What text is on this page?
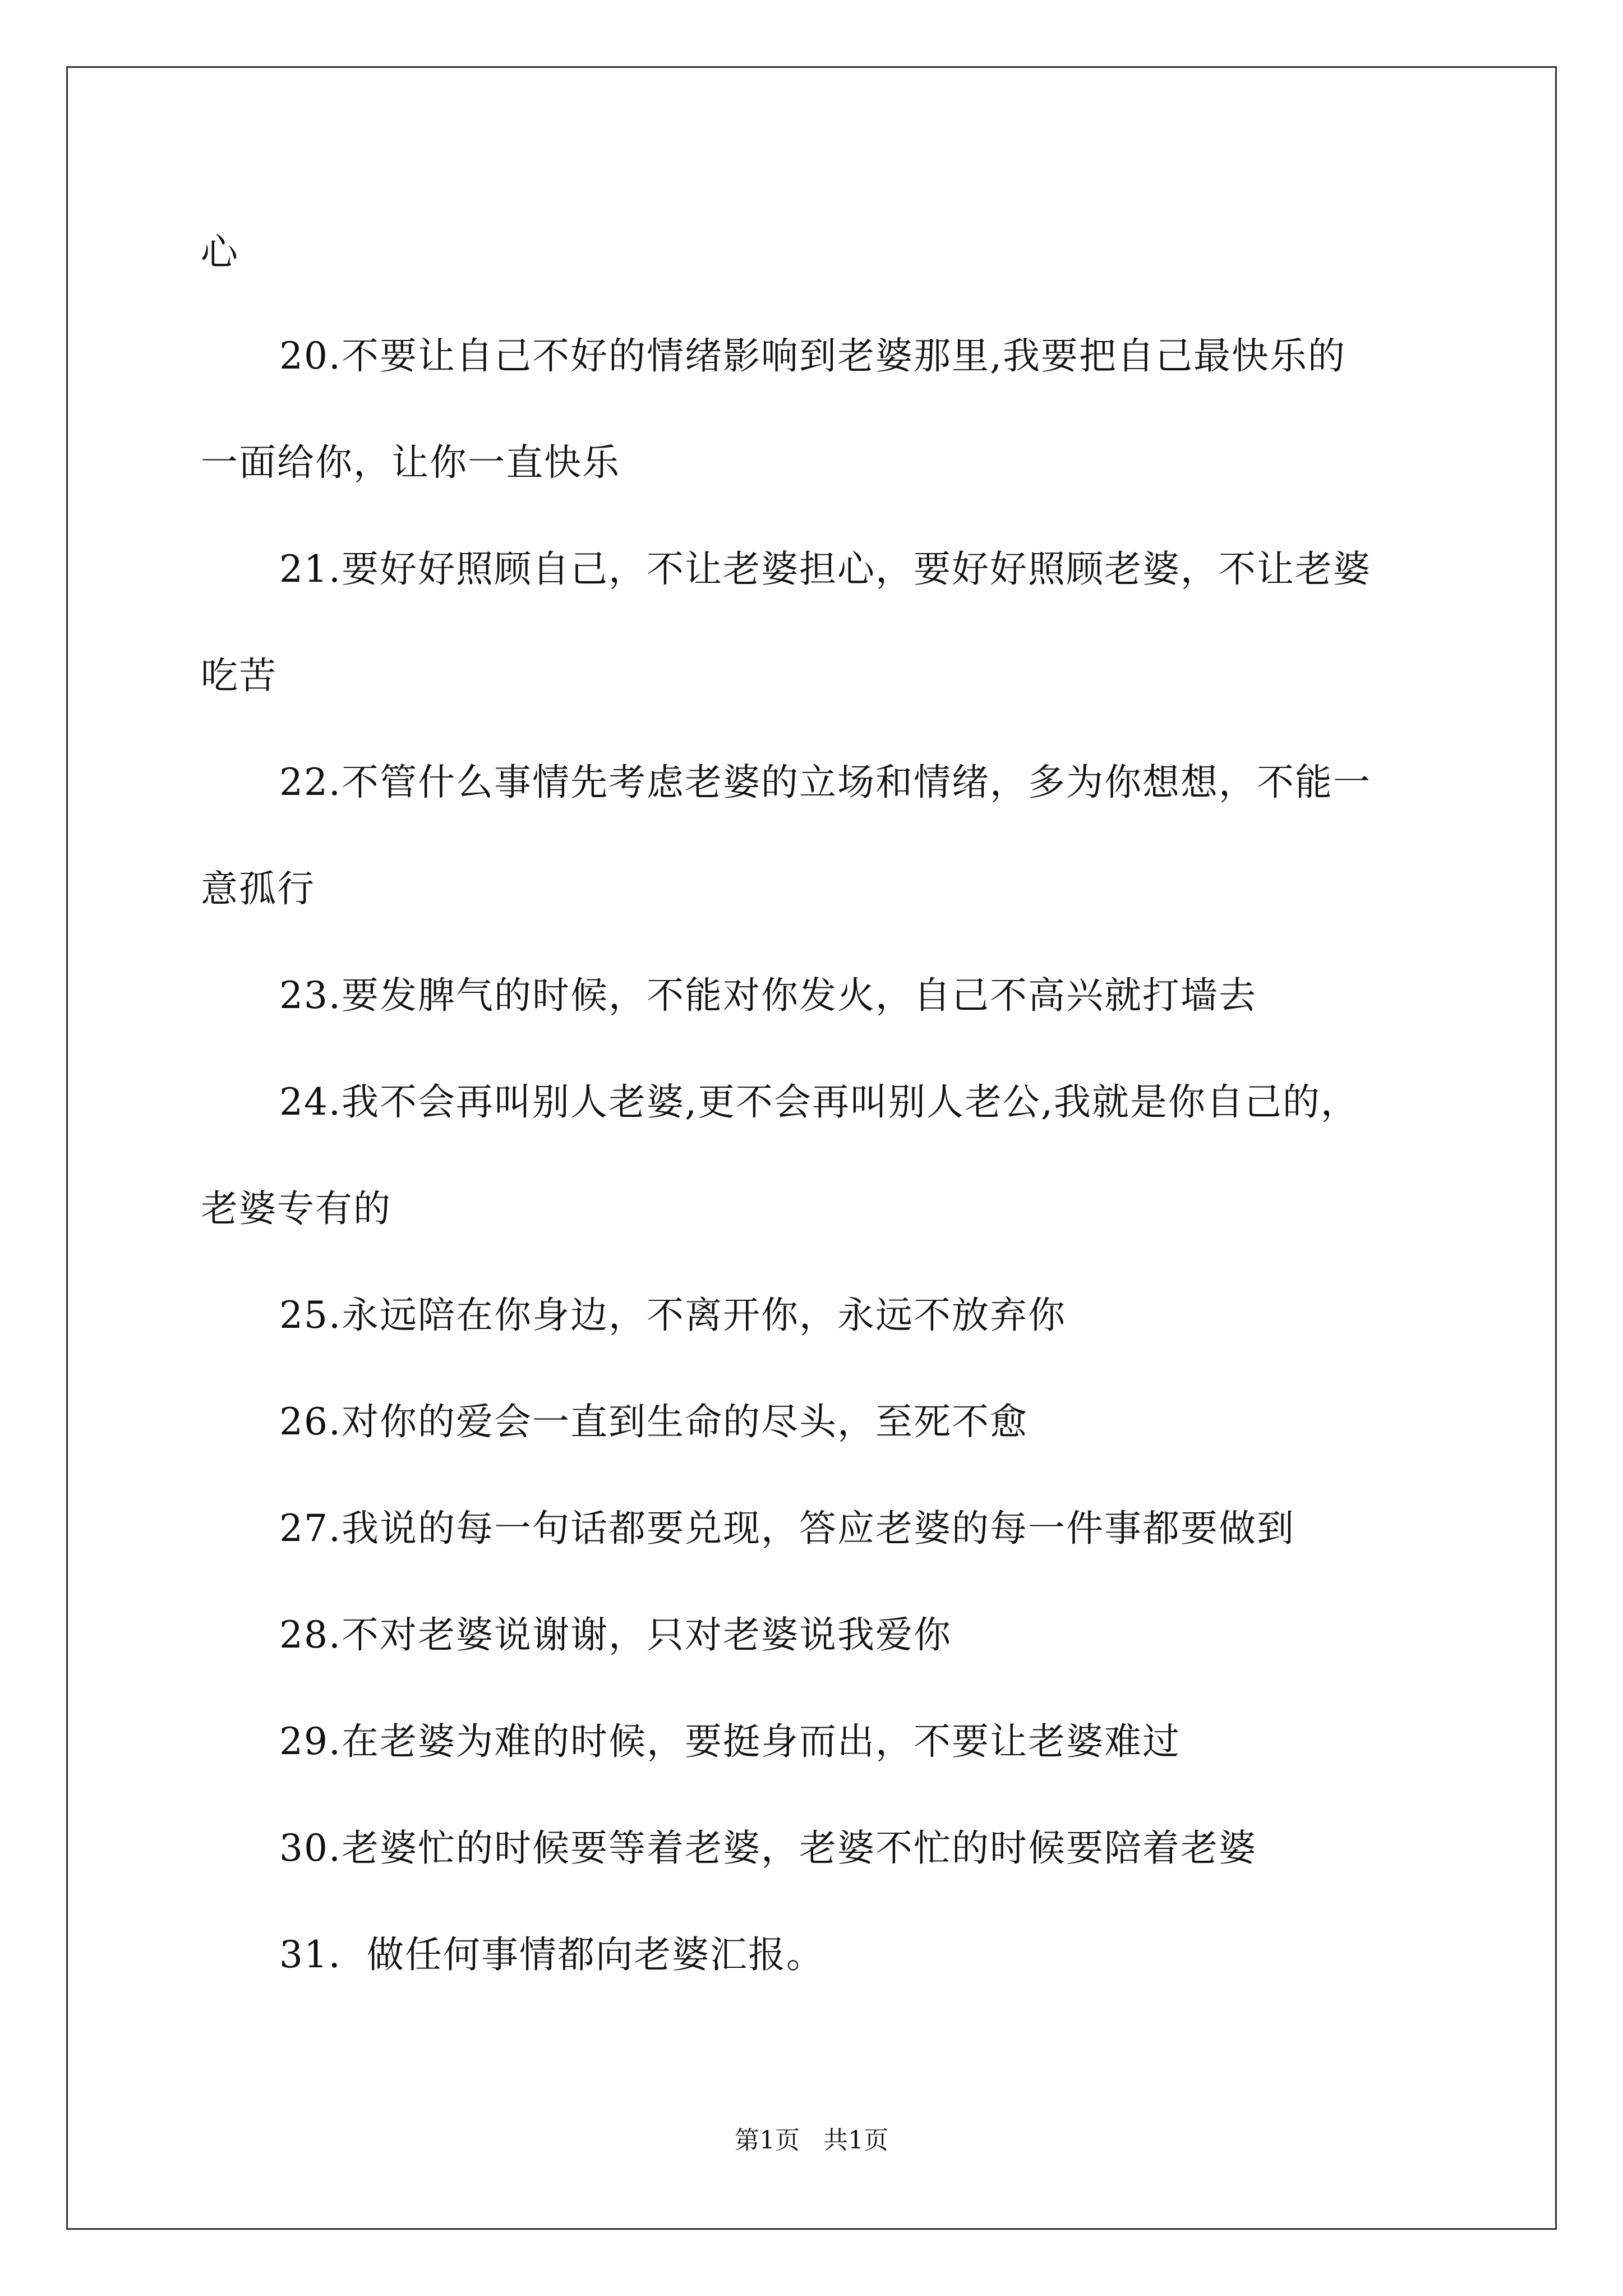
心
20.不要让自己不好的情绪影响到老婆那里,我要把自己最快乐的
一面给你，让你一直快乐
21.要好好照顾自己，不让老婆担心，要好好照顾老婆，不让老婆
吃苦
22.不管什么事情先考虑老婆的立场和情绪，多为你想想，不能一
意孤行
23.要发脾气的时候，不能对你发火，自己不高兴就打墙去
24.我不会再叫别人老婆,更不会再叫别人老公,我就是你自己的，
老婆专有的
25.永远陪在你身边，不离开你，永远不放弃你
26.对你的爱会一直到生命的尽头，至死不愈
27.我说的每一句话都要兑现，答应老婆的每一件事都要做到
28.不对老婆说谢谢，只对老婆说我爱你
29.在老婆为难的时候，要挺身而出，不要让老婆难过
30.老婆忙的时候要等着老婆，老婆不忙的时候要陪着老婆
31．做任何事情都向老婆汇报。
第1页   共1页
